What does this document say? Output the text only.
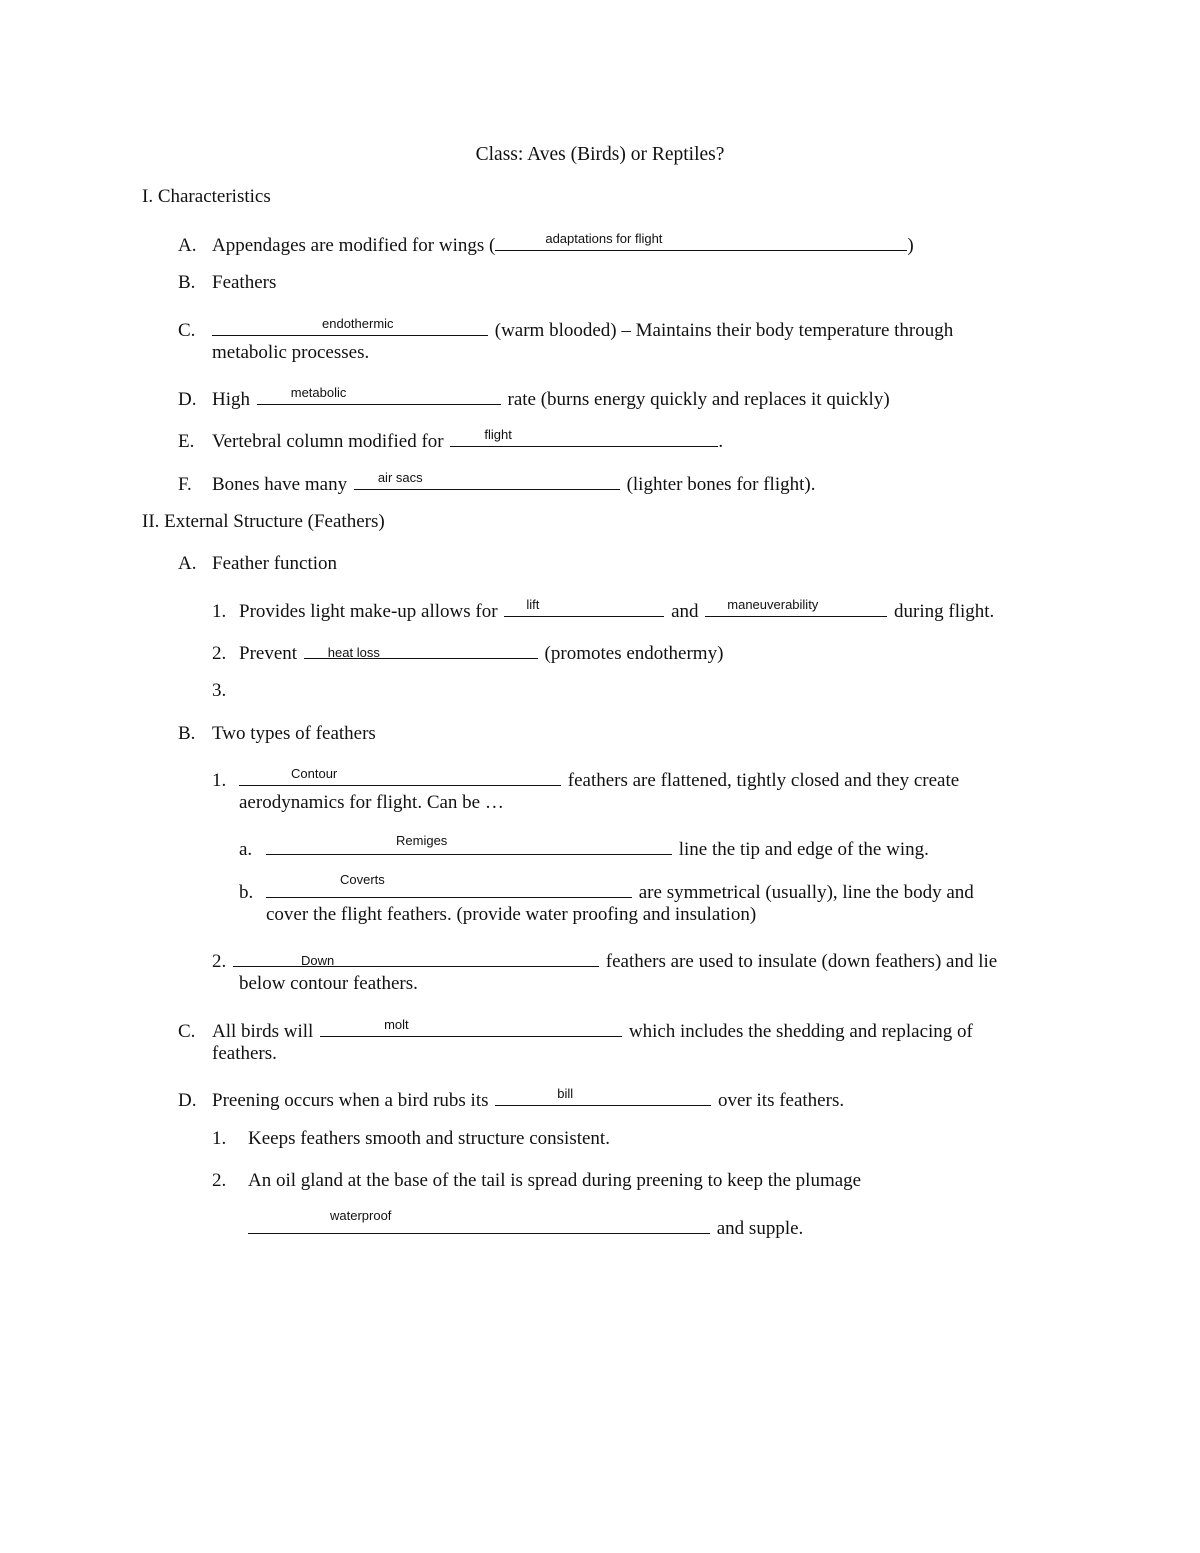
Class: Aves (Birds) or Reptiles?
I. Characteristics
A. Appendages are modified for wings (	adaptations for flight	)
B. Feathers
C.	endothermic	(warm blooded) – Maintains their body temperature through
metabolic processes.
D. High	metabolic	rate (burns energy quickly and replaces it quickly)
E. Vertebral column modified for	flight	.
F. Bones have many air sacs	(lighter bones for flight).
II. External Structure (Feathers)
A. Feather function
1. Provides light make-up allows for lift	and maneuverability	during flight.
2. Prevent heat loss	(promotes endothermy)
3.
B. Two types of feathers
1.	Contour	feathers are flattened, tightly closed and they create
aerodynamics for flight. Can be …
a.	Remiges	line the tip and edge of the wing.
b.
Coverts
are symmetrical (usually), line the body and
cover the flight feathers. (provide water proofing and insulation)
2.	Down	feathers are used to insulate (down feathers) and lie
below contour feathers.
C. All birds will	molt	which includes the shedding and replacing of
feathers.
D. Preening occurs when a bird rubs its	bill	over its feathers.
1. Keeps feathers smooth and structure consistent.
2. An oil gland at the base of the tail is spread during preening to keep the plumage
waterproof
and supple.
